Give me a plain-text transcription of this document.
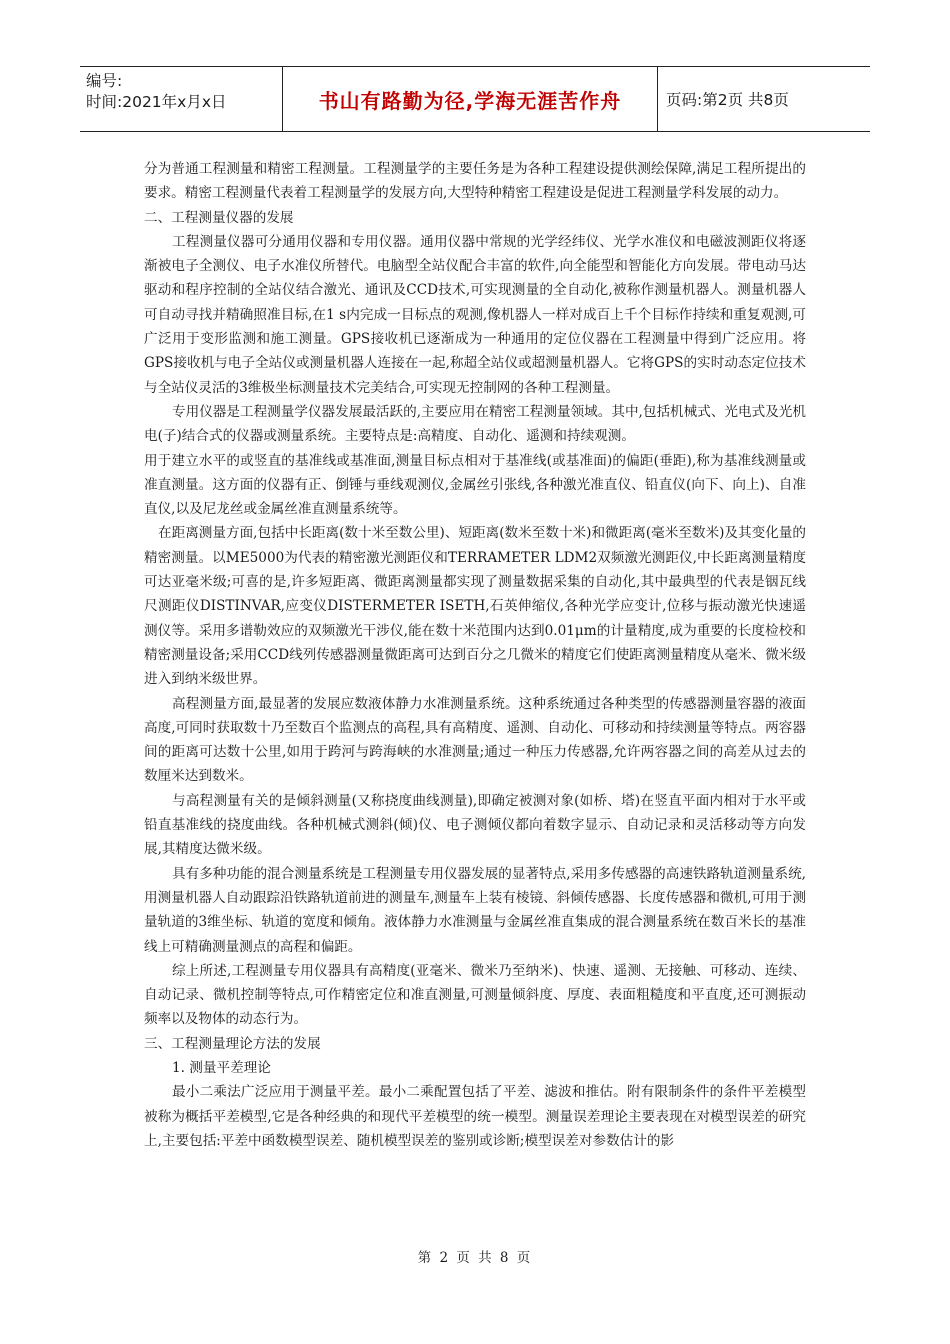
编号:
时间:2021年x月x日	书山有路勤为径,学海无涯苦作舟	页码:第2页 共8页

分为普通工程测量和精密工程测量。工程测量学的主要任务是为各种工程建设提供测绘保障,满足工程所提出的要求。精密工程测量代表着工程测量学的发展方向,大型特种精密工程建设是促进工程测量学科发展的动力。

二、工程测量仪器的发展

工程测量仪器可分通用仪器和专用仪器。通用仪器中常规的光学经纬仪、光学水准仪和电磁波测距仪将逐渐被电子全测仪、电子水准仪所替代。电脑型全站仪配合丰富的软件,向全能型和智能化方向发展。带电动马达驱动和程序控制的全站仪结合激光、通讯及CCD技术,可实现测量的全自动化,被称作测量机器人。测量机器人可自动寻找并精确照准目标,在1 s内完成一目标点的观测,像机器人一样对成百上千个目标作持续和重复观测,可广泛用于变形监测和施工测量。GPS接收机已逐渐成为一种通用的定位仪器在工程测量中得到广泛应用。将GPS接收机与电子全站仪或测量机器人连接在一起,称超全站仪或超测量机器人。它将GPS的实时动态定位技术与全站仪灵活的3维极坐标测量技术完美结合,可实现无控制网的各种工程测量。

专用仪器是工程测量学仪器发展最活跃的,主要应用在精密工程测量领域。其中,包括机械式、光电式及光机电(子)结合式的仪器或测量系统。主要特点是:高精度、自动化、遥测和持续观测。

用于建立水平的或竖直的基准线或基准面,测量目标点相对于基准线(或基准面)的偏距(垂距),称为基准线测量或准直测量。这方面的仪器有正、倒锤与垂线观测仪,金属丝引张线,各种激光准直仪、铅直仪(向下、向上)、自准直仪,以及尼龙丝或金属丝准直测量系统等。

在距离测量方面,包括中长距离(数十米至数公里)、短距离(数米至数十米)和微距离(毫米至数米)及其变化量的精密测量。以ME5000为代表的精密激光测距仪和TERRAMETER LDM2双频激光测距仪,中长距离测量精度可达亚毫米级;可喜的是,许多短距离、微距离测量都实现了测量数据采集的自动化,其中最典型的代表是铟瓦线尺测距仪DISTINVAR,应变仪DISTERMETER ISETH,石英伸缩仪,各种光学应变计,位移与振动激光快速遥测仪等。采用多谱勒效应的双频激光干涉仪,能在数十米范围内达到0.01μm的计量精度,成为重要的长度检校和精密测量设备;采用CCD线列传感器测量微距离可达到百分之几微米的精度它们使距离测量精度从毫米、微米级进入到纳米级世界。

高程测量方面,最显著的发展应数液体静力水准测量系统。这种系统通过各种类型的传感器测量容器的液面高度,可同时获取数十乃至数百个监测点的高程,具有高精度、遥测、自动化、可移动和持续测量等特点。两容器间的距离可达数十公里,如用于跨河与跨海峡的水准测量;通过一种压力传感器,允许两容器之间的高差从过去的数厘米达到数米。

与高程测量有关的是倾斜测量(又称挠度曲线测量),即确定被测对象(如桥、塔)在竖直平面内相对于水平或铅直基准线的挠度曲线。各种机械式测斜(倾)仪、电子测倾仪都向着数字显示、自动记录和灵活移动等方向发展,其精度达微米级。

具有多种功能的混合测量系统是工程测量专用仪器发展的显著特点,采用多传感器的高速铁路轨道测量系统,用测量机器人自动跟踪沿铁路轨道前进的测量车,测量车上装有棱镜、斜倾传感器、长度传感器和微机,可用于测量轨道的3维坐标、轨道的宽度和倾角。液体静力水准测量与金属丝准直集成的混合测量系统在数百米长的基准线上可精确测量测点的高程和偏距。

综上所述,工程测量专用仪器具有高精度(亚毫米、微米乃至纳米)、快速、遥测、无接触、可移动、连续、自动记录、微机控制等特点,可作精密定位和准直测量,可测量倾斜度、厚度、表面粗糙度和平直度,还可测振动频率以及物体的动态行为。

三、工程测量理论方法的发展

1. 测量平差理论

最小二乘法广泛应用于测量平差。最小二乘配置包括了平差、滤波和推估。附有限制条件的条件平差模型被称为概括平差模型,它是各种经典的和现代平差模型的统一模型。测量误差理论主要表现在对模型误差的研究上,主要包括:平差中函数模型误差、随机模型误差的鉴别或诊断;模型误差对参数估计的影

第 2 页 共 8 页
